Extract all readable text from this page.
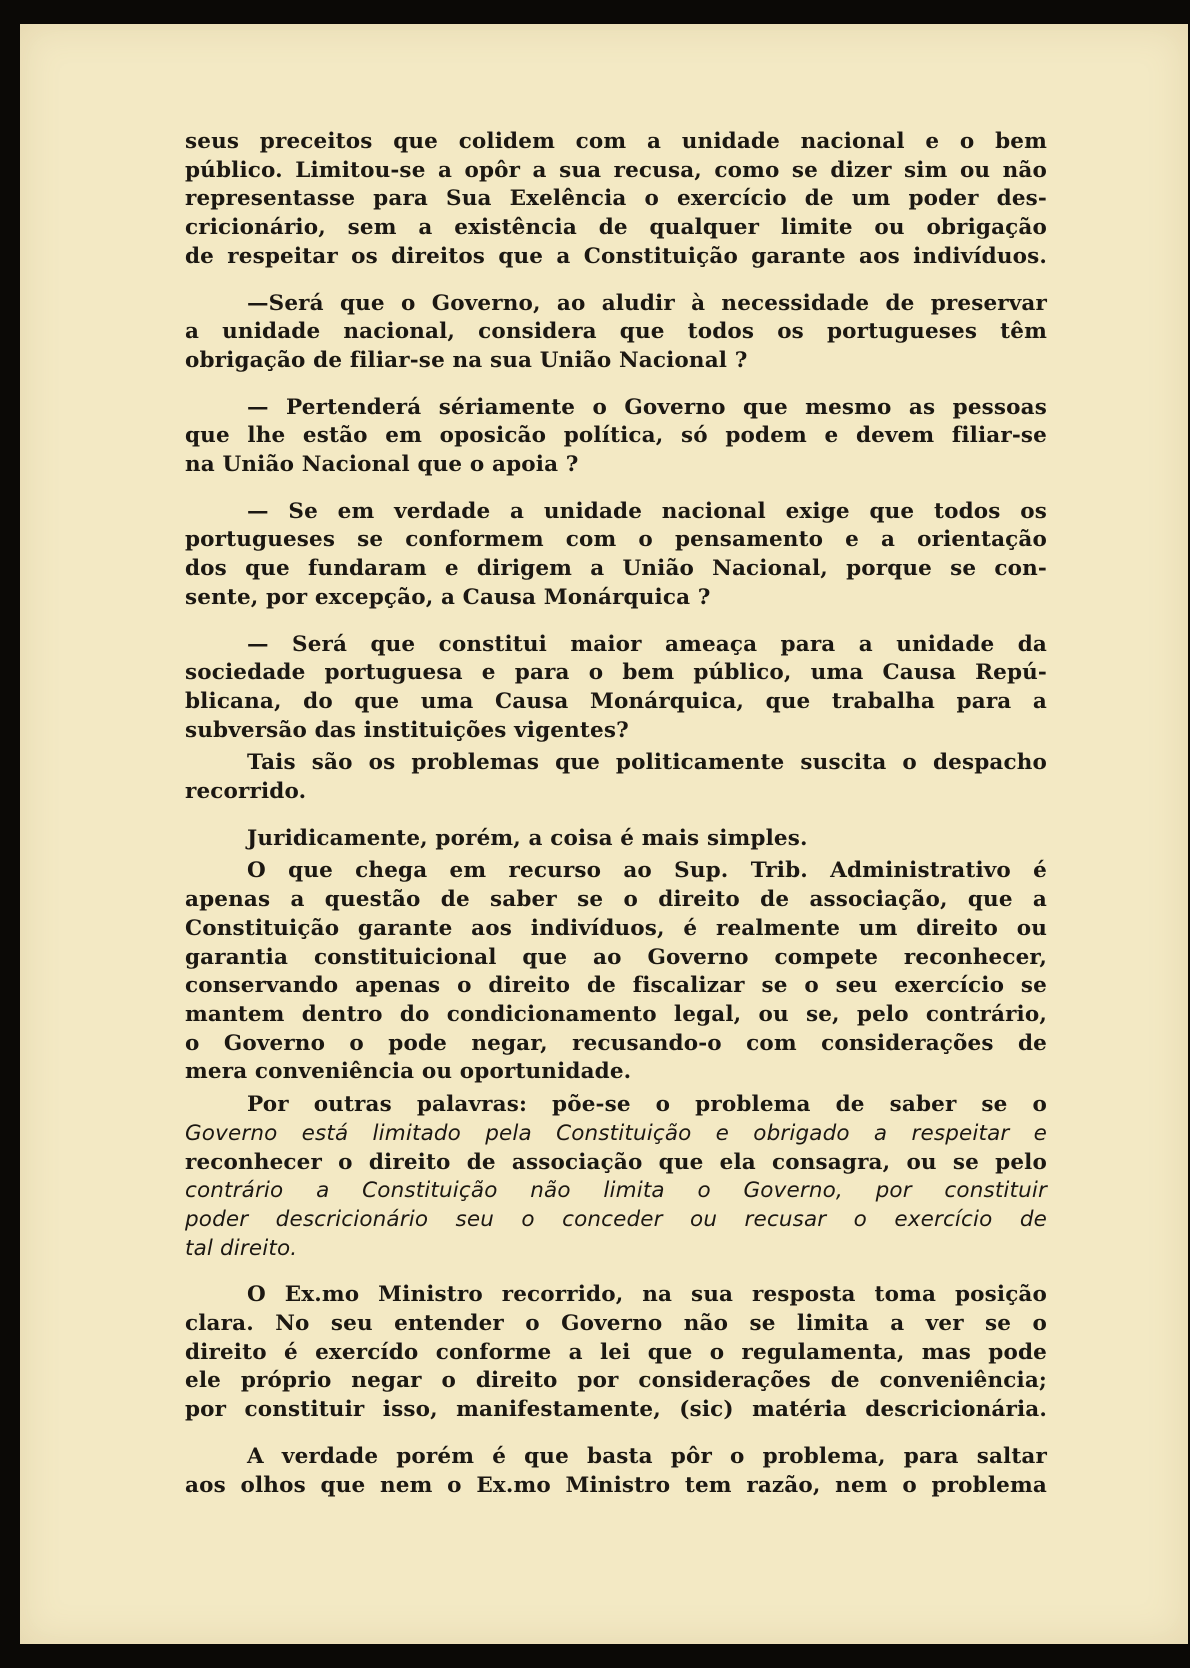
seus preceitos que colidem com a unidade nacional e o bem
público. Limitou-se a opôr a sua recusa, como se dizer sim ou não
representasse para Sua Exelência o exercício de um poder des-
cricionário, sem a existência de qualquer limite ou obrigação
de respeitar os direitos que a Constituição garante aos indivíduos.
—Será que o Governo, ao aludir à necessidade de preservar
a unidade nacional, considera que todos os portugueses têm
obrigação de filiar-se na sua União Nacional ?
— Pertenderá sériamente o Governo que mesmo as pessoas
que lhe estão em oposicão política, só podem e devem filiar-se
na União Nacional que o apoia ?
— Se em verdade a unidade nacional exige que todos os
portugueses se conformem com o pensamento e a orientação
dos que fundaram e dirigem a União Nacional, porque se con-
sente, por excepção, a Causa Monárquica ?
— Será que constitui maior ameaça para a unidade da
sociedade portuguesa e para o bem público, uma Causa Repú-
blicana, do que uma Causa Monárquica, que trabalha para a
subversão das instituições vigentes?
Tais são os problemas que politicamente suscita o despacho
recorrido.
Juridicamente, porém, a coisa é mais simples.
O que chega em recurso ao Sup. Trib. Administrativo é
apenas a questão de saber se o direito de associação, que a
Constituição garante aos indivíduos, é realmente um direito ou
garantia constituicional que ao Governo compete reconhecer,
conservando apenas o direito de fiscalizar se o seu exercício se
mantem dentro do condicionamento legal, ou se, pelo contrário,
o Governo o pode negar, recusando-o com considerações de
mera conveniência ou oportunidade.
Por outras palavras: põe-se o problema de saber se o
Governo está limitado pela Constituição e obrigado a respeitar e
reconhecer o direito de associação que ela consagra, ou se pelo
contrário a Constituição não limita o Governo, por constituir
poder descricionário seu o conceder ou recusar o exercício de
tal direito.
O Ex.mo Ministro recorrido, na sua resposta toma posição
clara. No seu entender o Governo não se limita a ver se o
direito é exercído conforme a lei que o regulamenta, mas pode
ele próprio negar o direito por considerações de conveniência;
por constituir isso, manifestamente, (sic) matéria descricionária.
A verdade porém é que basta pôr o problema, para saltar
aos olhos que nem o Ex.mo Ministro tem razão, nem o problema
